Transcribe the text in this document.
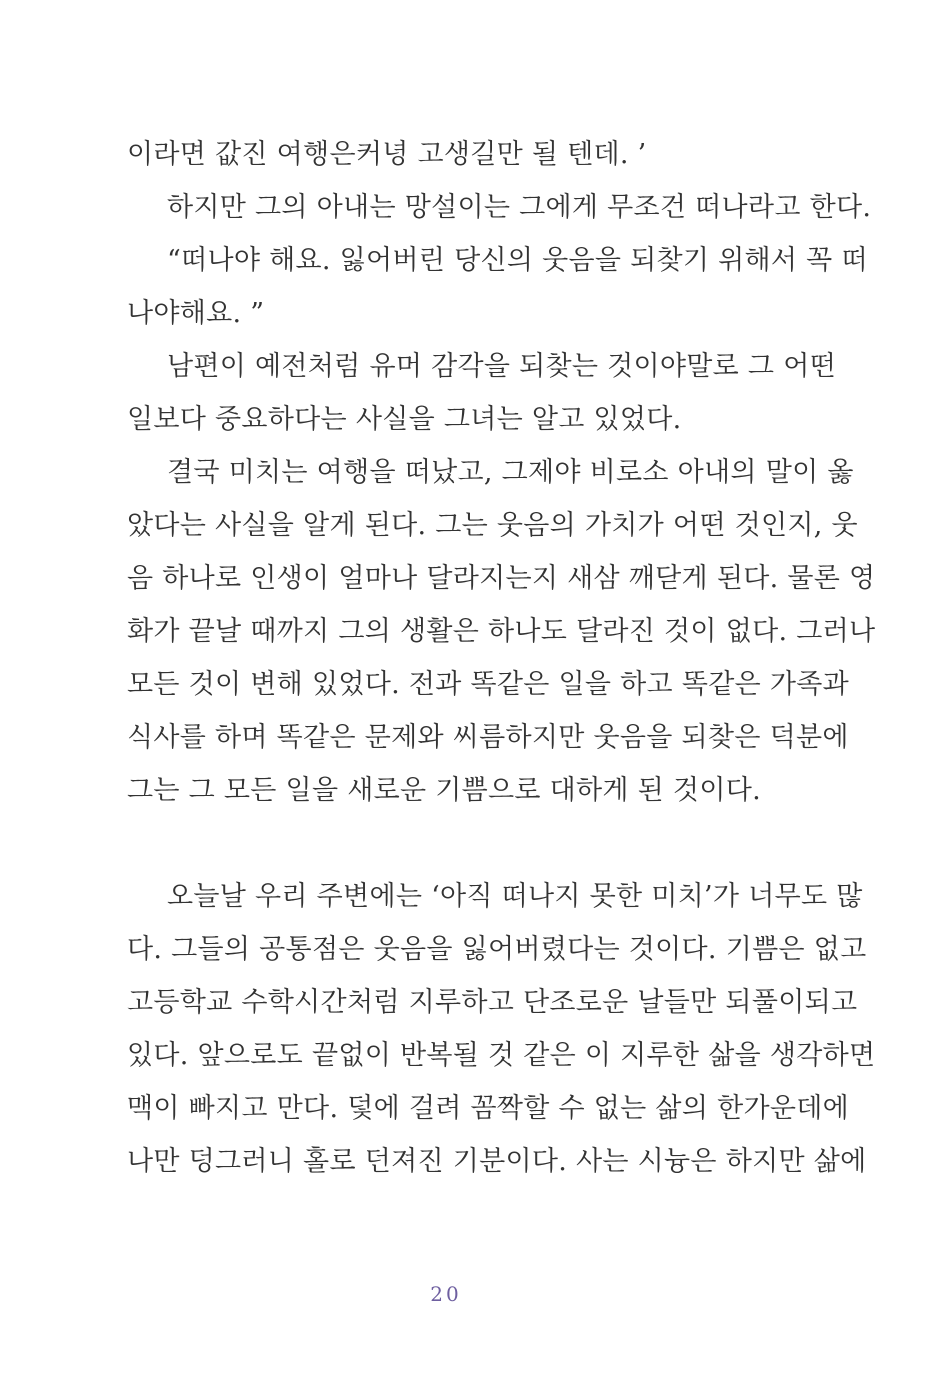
이라면 값진 여행은커녕 고생길만 될 텐데. ’

하지만 그의 아내는 망설이는 그에게 무조건 떠나라고 한다.

“떠나야 해요. 잃어버린 당신의 웃음을 되찾기 위해서 꼭 떠

나야해요. ”

남편이 예전처럼 유머 감각을 되찾는 것이야말로 그 어떤

일보다 중요하다는 사실을 그녀는 알고 있었다.

결국 미치는 여행을 떠났고, 그제야 비로소 아내의 말이 옳

았다는 사실을 알게 된다. 그는 웃음의 가치가 어떤 것인지, 웃

음 하나로 인생이 얼마나 달라지는지 새삼 깨닫게 된다. 물론 영

화가 끝날 때까지 그의 생활은 하나도 달라진 것이 없다. 그러나

모든 것이 변해 있었다. 전과 똑같은 일을 하고 똑같은 가족과

식사를 하며 똑같은 문제와 씨름하지만 웃음을 되찾은 덕분에

그는 그 모든 일을 새로운 기쁨으로 대하게 된 것이다.

오늘날 우리 주변에는 ‘아직 떠나지 못한 미치’가 너무도 많

다. 그들의 공통점은 웃음을 잃어버렸다는 것이다. 기쁨은 없고

고등학교 수학시간처럼 지루하고 단조로운 날들만 되풀이되고

있다. 앞으로도 끝없이 반복될 것 같은 이 지루한 삶을 생각하면

맥이 빠지고 만다. 덫에 걸려 꼼짝할 수 없는 삶의 한가운데에

나만 덩그러니 홀로 던져진 기분이다. 사는 시늉은 하지만 삶에

20
